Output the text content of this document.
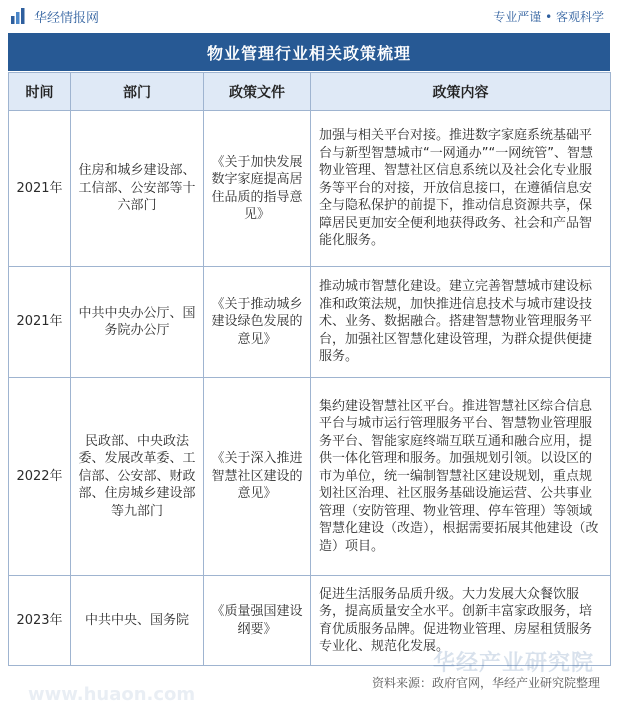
华经情报网	专业严谨 • 客观科学
物业管理行业相关政策梳理
时间	部门	政策文件	政策内容
2021年	住房和城乡建设部、工信部、公安部等十六部门	《关于加快发展数字家庭提高居住品质的指导意见》	加强与相关平台对接。推进数字家庭系统基础平台与新型智慧城市“一网通办”“一网统管”、智慧物业管理、智慧社区信息系统以及社会化专业服务等平台的对接，开放信息接口，在遵循信息安全与隐私保护的前提下，推动信息资源共享，保障居民更加安全便利地获得政务、社会和产品智能化服务。
2021年	中共中央办公厅、国务院办公厅	《关于推动城乡建设绿色发展的意见》	推动城市智慧化建设。建立完善智慧城市建设标准和政策法规，加快推进信息技术与城市建设技术、业务、数据融合。搭建智慧物业管理服务平台，加强社区智慧化建设管理，为群众提供便捷服务。
2022年	民政部、中央政法委、发展改革委、工信部、公安部、财政部、住房城乡建设部等九部门	《关于深入推进智慧社区建设的意见》	集约建设智慧社区平台。推进智慧社区综合信息平台与城市运行管理服务平台、智慧物业管理服务平台、智能家庭终端互联互通和融合应用，提供一体化管理和服务。加强规划引领。以设区的市为单位，统一编制智慧社区建设规划，重点规划社区治理、社区服务基础设施运营、公共事业管理（安防管理、物业管理、停车管理）等领域智慧化建设（改造），根据需要拓展其他建设（改造）项目。
2023年	中共中央、国务院	《质量强国建设纲要》	促进生活服务品质升级。大力发展大众餐饮服务，提高质量安全水平。创新丰富家政服务，培育优质服务品牌。促进物业管理、房屋租赁服务专业化、规范化发展。
华经产业研究院
www.huaon.com
资料来源：政府官网，华经产业研究院整理
